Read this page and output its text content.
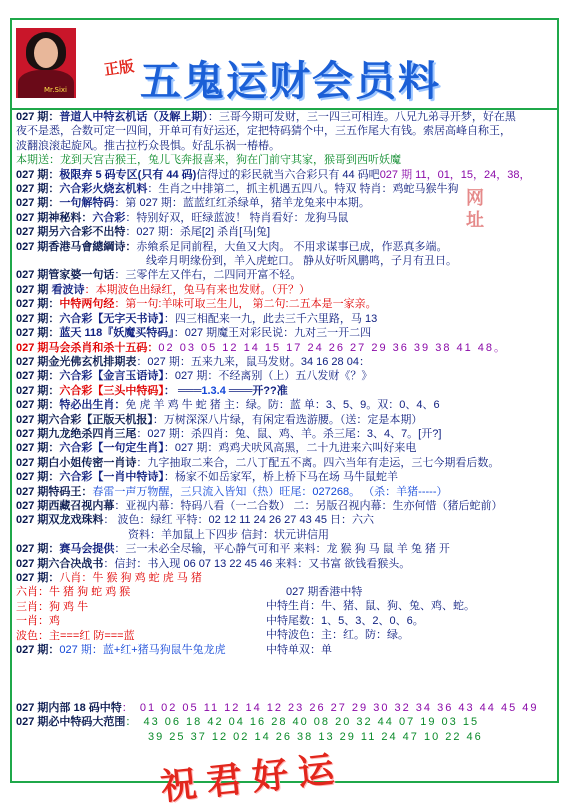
Mr.Sixi
正版 五鬼运财会员料
网 址
027 期：普道人中特玄机话（及解上期）：三哥今期可发财，三一四三可相连。八兄九弟寻开梦，好在黑
夜不是悉，合数可定一四间，开单可有好运还，定把特码猜个中，三五作尾大有钱。索居高峰自称王，
波翻浪滚起旋风。推古拉朽众畏惧。好乱乐祸一椿椿。
本期送：龙到天宫吉猴王，兔儿飞奔报喜来，狗在门前守其家，猴哥到西听妖魔
027 期：极限弃 5 码专区(只有 44 码)信得过的彩民就当六合彩只有 44 码吧027 期 11，01，15，24，38，
027 期：六合彩火烧玄机料：生肖之中排第二，抓主机遇五四八。特双 特肖：鸡蛇马猴牛狗
027 期：一句解特码：第 027 期：蓝蓝红红杀绿单，猪羊龙兔来中本期。
027 期神秘料：六合彩：特别好双，旺绿蓝波！ 特肖看好：龙狗马鼠
027 期另六合彩不出特：027 期：杀尾[2] 杀肖[马|兔]
027 期香港马會總綱诗：赤飨系足同前程，大鱼又大肉。 不用求谋事已成，作恶真多端。
线牵月明缘份到，羊入虎蛇口。 静从好听风鹏鸣，子月有丑日。
027 期管家婆一句话：三零伴左又伴右，二四同开富不轻。
027 期 看波诗：本期波色出绿红，兔马有来也发财。（开？）
027 期：中特两句经：第一句:羊味可取三生儿， 第二句:二五本是一家亲。
027 期：六合彩【无字天书诗】：四三相配来一九，此去三千六里路，马 13
027 期：蓝天 118『妖魔买特码』：027 期魔王对彩民说：九对三一开二四
027 期马会杀肖和杀十五码：02 03 05 12 14 15 17 24 26 27 29 36 39 38 41 48。
027 期金光佛玄机排期表：027 期：五来九来，鼠马发财。34 16 28 04：
027 期：六合彩【金言玉语诗】：027 期：不经离别（上）五八发财《？》
027 期：六合彩【三头中特码】： ═══1.3.4 ═══开??准
027 期：特必出生肖：免 虎 羊 鸡 牛 蛇 猪 主：绿。防：蓝 单：3、5、9。双：0、4、6
027 期六合彩【正版天机报】：万树深深八片绿，有闲定看选游腰。（送：定是本期）
027 期九龙绝杀四肖三尾：027 期：杀四肖：兔、鼠、鸡、羊。杀三尾：3、4、7。[开?]
027 期：六合彩【一句定生肖】：027 期：鸡鸡犬吠风高黑，二十九进来六叫好来电
027 期白小姐传密一肖诗：九字抽取二来合，二八丁配五不离。四六当年有走运，三七今期看后数。
027 期：六合彩【一肖中特诗】：杨家不如岳家军，桥上桥下马在场 马牛鼠蛇羊
027 期特码王：春雷一声万物醒，三只流入皆知（热）旺尾：027268。 （杀：羊猪-----）
027 期西藏召视内幕：亚视内幕：特码八看（一二合数） 二：另版召视内幕：生亦何惜（猪后蛇前）
027 期双龙戏珠料： 波色：绿红 平特：02 12 11 24 26 27 43 45 日：六六
资料：羊加鼠上下四步 信封：状元讲信用
027 期：赛马会提供：三一未必全尽输，平心静气可和平 来料：龙 猴 狗 马 鼠 羊 兔 猪 开
027 期六合决战书：信封：书入现 06 07 13 22 45 46 来料：又书富 欲钱看猴头。
027 期：八肖：牛 猴 狗 鸡 蛇 虎 马 猪
六肖：牛 猪 狗 蛇 鸡 猴
三肖：狗 鸡 牛
一肖：鸡
波色：主===红 防===蓝
027 期：027 期：蓝+红+猪马狗鼠牛兔龙虎
027 期香港中特
中特生肖：牛、猪、鼠、狗、兔、鸡、蛇。
中特尾数：1、5、3、2、0、6。
中特波色：主：红。防：绿。
中特单双：单
027 期内部 18 码中特： 01 02 05 11 12 14 12 23 26 27 29 30 32 34 36 43 44 45 49
027 期必中特码大范围： 43 06 18 42 04 16 28 40 08 20 32 44 07 19 03 15
39 25 37 12 02 14 26 38 13 29 11 24 47 10 22 46
祝君好运
